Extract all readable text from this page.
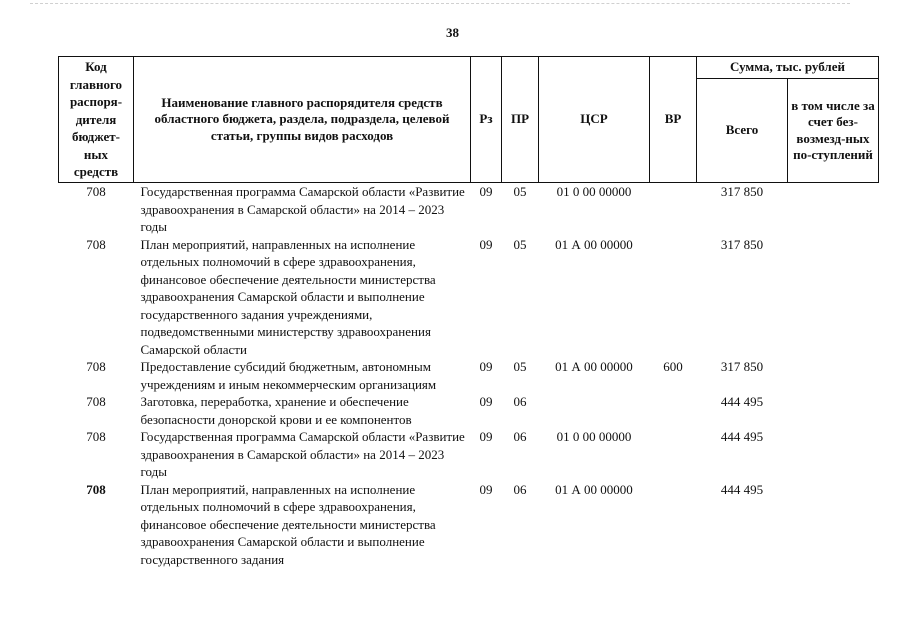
38
Код главного распоря-дителя бюджет-ных средств	Наименование главного распорядителя средств областного бюджета, раздела, подраздела, целевой статьи, группы видов расходов	Рз	ПР	ЦСР	ВР	Сумма, тыс. рублей	
						Всего	в том числе за счет без-возмезд-ных по-ступлений
708	Государственная программа Самарской области «Развитие здравоохранения в Самарской области» на 2014 – 2023 годы	09	05	01 0 00 00000		317 850	
708	План мероприятий, направленных на исполнение отдельных полномочий в сфере здравоохранения, финансовое обеспечение деятельности министерства здравоохранения Самарской области и выполнение государственного задания учреждениями, подведомственными министерству здравоохранения Самарской области	09	05	01 А 00 00000		317 850	
708	Предоставление субсидий бюджетным, автономным учреждениям и иным некоммерческим организациям	09	05	01 А 00 00000	600	317 850	
708	Заготовка, переработка, хранение и обеспечение безопасности донорской крови и ее компонентов	09	06			444 495	
708	Государственная программа Самарской области «Развитие здравоохранения в Самарской области» на 2014 – 2023 годы	09	06	01 0 00 00000		444 495	
708	План мероприятий, направленных на исполнение отдельных полномочий в сфере здравоохранения, финансовое обеспечение деятельности министерства здравоохранения Самарской области и выполнение государственного задания	09	06	01 А 00 00000		444 495	
